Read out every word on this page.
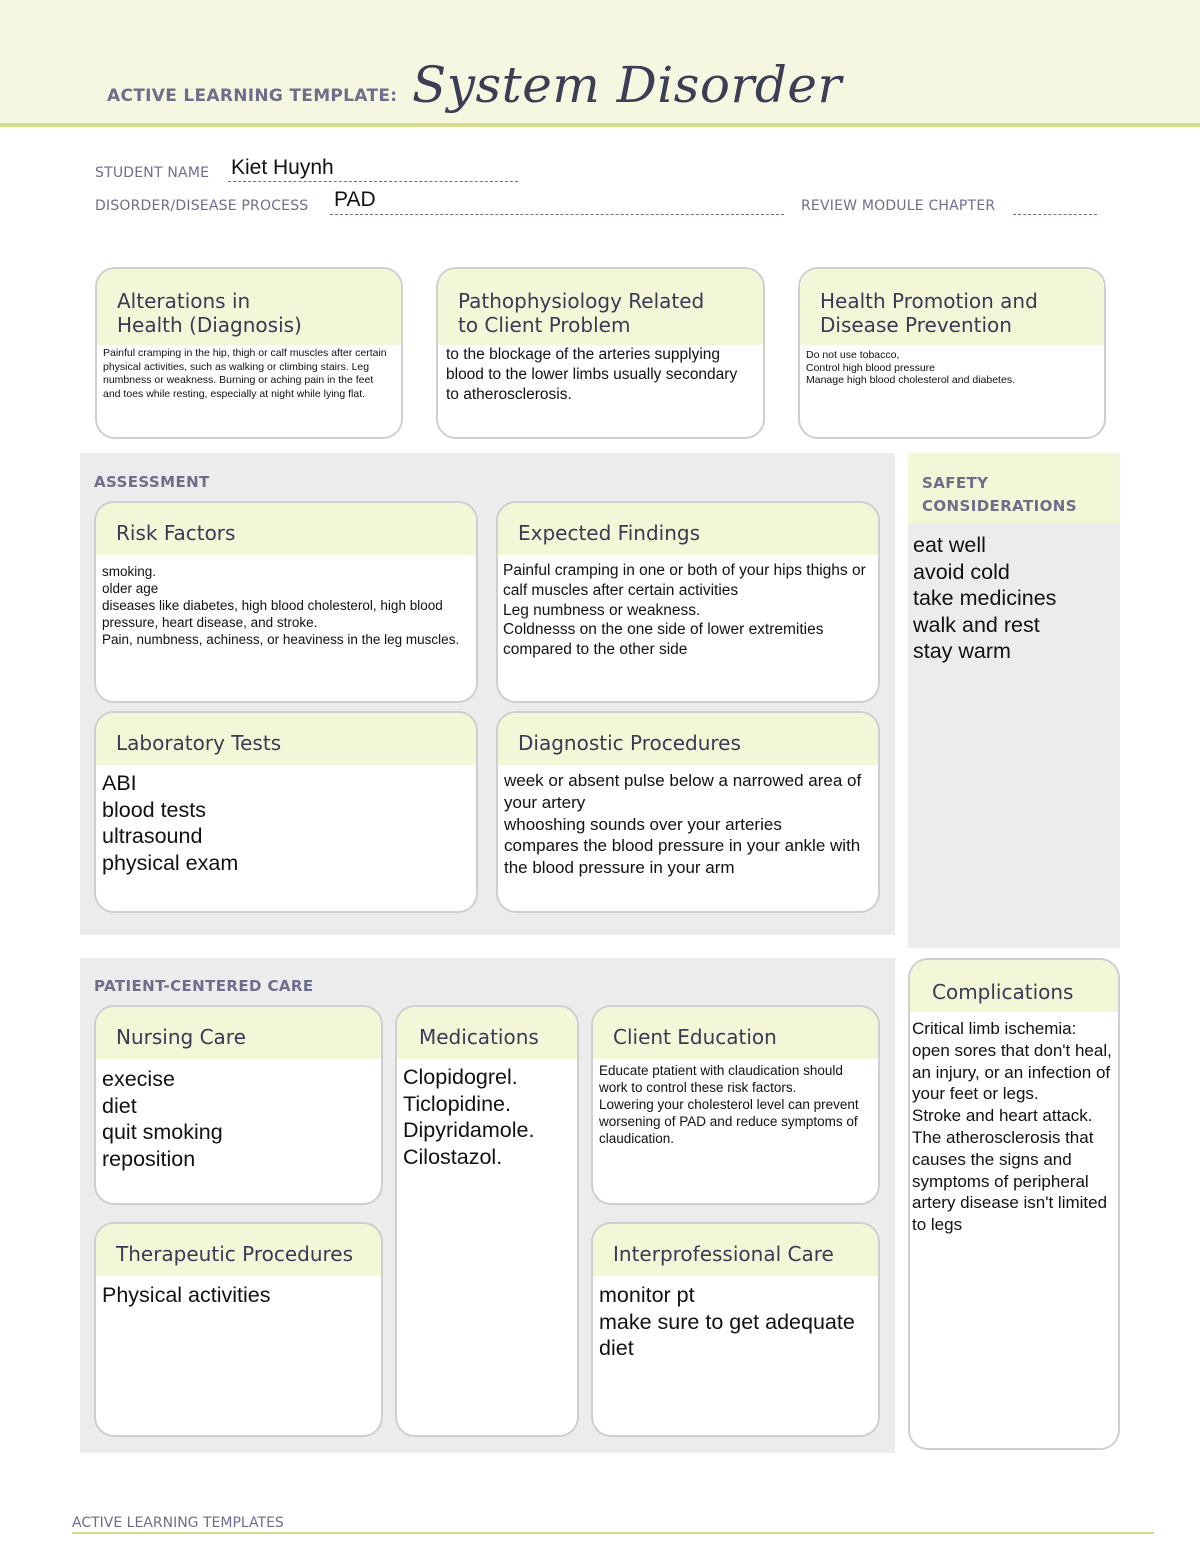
ACTIVE LEARNING TEMPLATE: System Disorder
STUDENT NAME Kiet Huynh
DISORDER/DISEASE PROCESS PAD	REVIEW MODULE CHAPTER
Alterations in
Health (Diagnosis)
Painful cramping in the hip, thigh or calf muscles after certain physical activities, such as walking or climbing stairs. Leg numbness or weakness. Burning or aching pain in the feet and toes while resting, especially at night while lying flat.
Pathophysiology Related
to Client Problem
to the blockage of the arteries supplying blood to the lower limbs usually secondary to atherosclerosis.
Health Promotion and
Disease Prevention
Do not use tobacco,
Control high blood pressure
Manage high blood cholesterol and diabetes.
ASSESSMENT
Risk Factors
smoking.
older age
diseases like diabetes, high blood cholesterol, high blood pressure, heart disease, and stroke.
Pain, numbness, achiness, or heaviness in the leg muscles.
Expected Findings
Painful cramping in one or both of your hips thighs or calf muscles after certain activities
Leg numbness or weakness.
Coldnesss on the one side of lower extremities compared to the other side
Laboratory Tests
ABI
blood tests
ultrasound
physical exam
Diagnostic Procedures
week or absent pulse below a narrowed area of your artery
whooshing sounds over your arteries
compares the blood pressure in your ankle with the blood pressure in your arm
SAFETY
CONSIDERATIONS
eat well
avoid cold
take medicines
walk and rest
stay warm
PATIENT-CENTERED CARE
Nursing Care
execise
diet
quit smoking
reposition
Medications
Clopidogrel.
Ticlopidine.
Dipyridamole.
Cilostazol.
Client Education
Educate ptatient with claudication should work to control these risk factors.
Lowering your cholesterol level can prevent worsening of PAD and reduce symptoms of
claudication.
Therapeutic Procedures
Physical activities
Interprofessional Care
monitor pt
make sure to get adequate diet
Complications
Critical limb ischemia: open sores that don't heal, an injury, or an infection of your feet or legs.
Stroke and heart attack.
The atherosclerosis that causes the signs and symptoms of peripheral artery disease isn't limited to legs
ACTIVE LEARNING TEMPLATES
